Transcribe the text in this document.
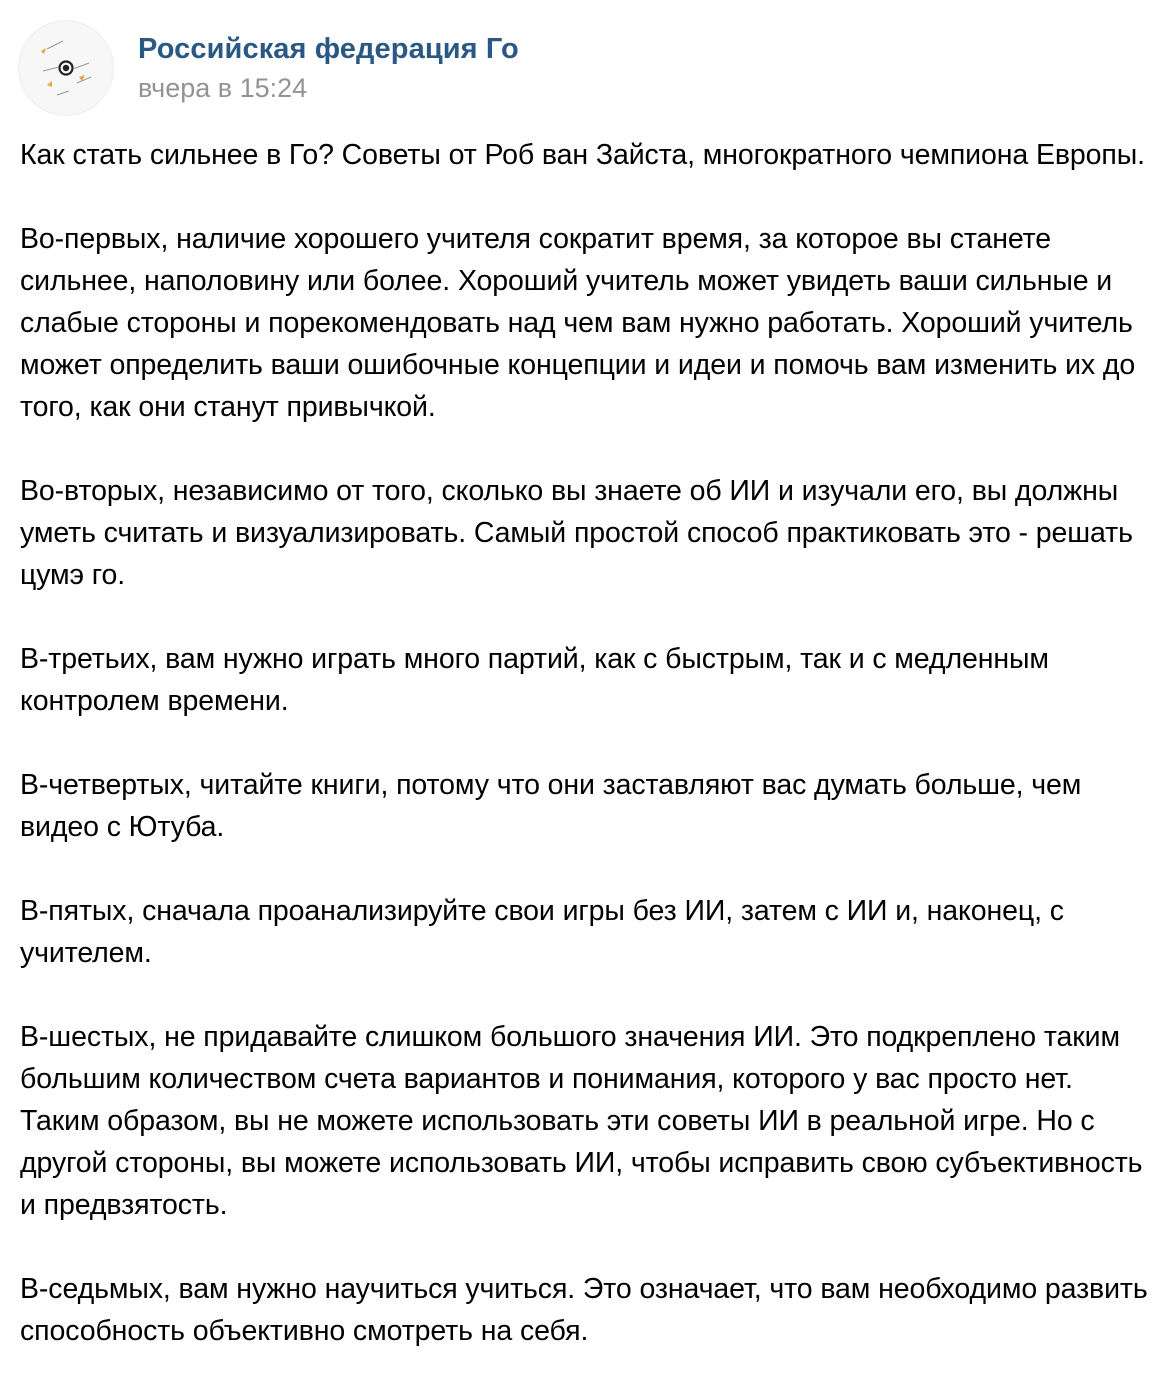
Российская федерация Го
вчера в 15:24

Как стать сильнее в Го? Советы от Роб ван Зайста, многократного чемпиона Европы.

Во-первых, наличие хорошего учителя сократит время, за которое вы станете сильнее, наполовину или более. Хороший учитель может увидеть ваши сильные и слабые стороны и порекомендовать над чем вам нужно работать. Хороший учитель может определить ваши ошибочные концепции и идеи и помочь вам изменить их до того, как они станут привычкой.

Во-вторых, независимо от того, сколько вы знаете об ИИ и изучали его, вы должны уметь считать и визуализировать. Самый простой способ практиковать это - решать цумэ го.

В-третьих, вам нужно играть много партий, как с быстрым, так и с медленным контролем времени.

В-четвертых, читайте книги, потому что они заставляют вас думать больше, чем видео с Ютуба.

В-пятых, сначала проанализируйте свои игры без ИИ, затем с ИИ и, наконец, с учителем.

В-шестых, не придавайте слишком большого значения ИИ. Это подкреплено таким большим количеством счета вариантов и понимания, которого у вас просто нет. Таким образом, вы не можете использовать эти советы ИИ в реальной игре. Но с другой стороны, вы можете использовать ИИ, чтобы исправить свою субъективность и предвзятость.

В-седьмых, вам нужно научиться учиться. Это означает, что вам необходимо развить способность объективно смотреть на себя.
